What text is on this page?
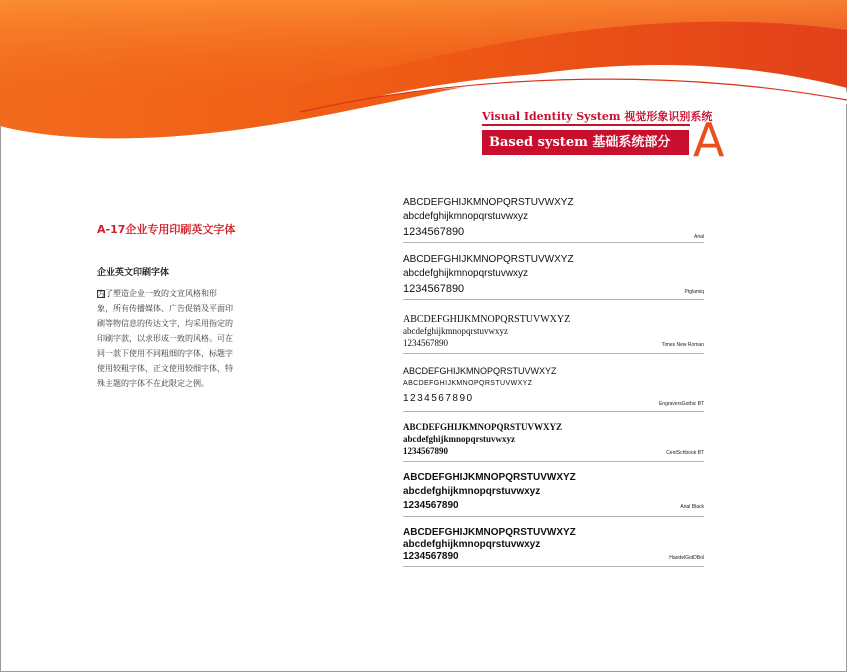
Visual Identity System 视觉形象识别系统
Based system 基础系统部分 A
A-17企业专用印刷英文字体
企业英文印刷字体
为了塑造企业一致的文宣风格和形
象，所有传播媒体、广告促销及平面印
刷等物信息的传达文字，均采用指定的
印刷字款，以求形成一致的风格。可在
同一款下使用不同粗细的字体，标题字
使用较粗字体，正文使用较细字体，特
殊主题的字体不在此限定之例。
ABCDEFGHIJKMNOPQRSTUVWXYZ
abcdefghijkmnopqrstuvwxyz
1234567890	Arial
ABCDEFGHIJKMNOPQRSTUVWXYZ
abcdefghijkmnopqrstuvwxyz
1234567890	Ptglamiq
ABCDEFGHIJKMNOPQRSTUVWXYZ
abcdefghijkmnopqrstuvwxyz
1234567890	Times New Roman
ABCDEFGHIJKMNOPQRSTUVWXYZ
ABCDEFGHIJKMNOPQRSTUVWXYZ
1234567890	EngraversGothic BT
ABCDEFGHIJKMNOPQRSTUVWXYZ
abcdefghijkmnopqrstuvwxyz
1234567890	CentSchbook BT
ABCDEFGHIJKMNOPQRSTUVWXYZ
abcdefghijkmnopqrstuvwxyz
1234567890	Arial Black
ABCDEFGHIJKMNOPQRSTUVWXYZ
abcdefghijkmnopqrstuvwxyz
1234567890	HandelGotDBol
